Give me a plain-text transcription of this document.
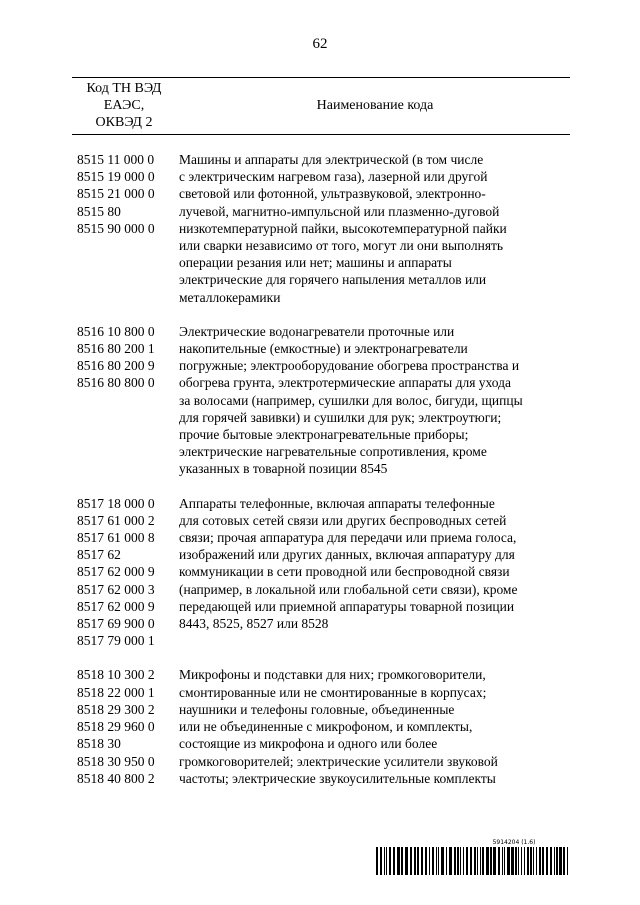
62
Код ТН ВЭД
ЕАЭС,
ОКВЭД 2
Наименование кода
8515 11 000 0
8515 19 000 0
8515 21 000 0
8515 80
8515 90 000 0
Машины и аппараты для электрической (в том числе
с электрическим нагревом газа), лазерной или другой
световой или фотонной, ультразвуковой, электронно-
лучевой, магнитно-импульсной или плазменно-дуговой
низкотемпературной пайки, высокотемпературной пайки
или сварки независимо от того, могут ли они выполнять
операции резания или нет; машины и аппараты
электрические для горячего напыления металлов или
металлокерамики
8516 10 800 0
8516 80 200 1
8516 80 200 9
8516 80 800 0
Электрические водонагреватели проточные или
накопительные (емкостные) и электронагреватели
погружные; электрооборудование обогрева пространства и
обогрева грунта, электротермические аппараты для ухода
за волосами (например, сушилки для волос, бигуди, щипцы
для горячей завивки) и сушилки для рук; электроутюги;
прочие бытовые электронагревательные приборы;
электрические нагревательные сопротивления, кроме
указанных в товарной позиции 8545
8517 18 000 0
8517 61 000 2
8517 61 000 8
8517 62
8517 62 000 9
8517 62 000 3
8517 62 000 9
8517 69 900 0
8517 79 000 1
Аппараты телефонные, включая аппараты телефонные
для сотовых сетей связи или других беспроводных сетей
связи; прочая аппаратура для передачи или приема голоса,
изображений или других данных, включая аппаратуру для
коммуникации в сети проводной или беспроводной связи
(например, в локальной или глобальной сети связи), кроме
передающей или приемной аппаратуры товарной позиции
8443, 8525, 8527 или 8528
8518 10 300 2
8518 22 000 1
8518 29 300 2
8518 29 960 0
8518 30
8518 30 950 0
8518 40 800 2
Микрофоны и подставки для них; громкоговорители,
смонтированные или не смонтированные в корпусах;
наушники и телефоны головные, объединенные
или не объединенные с микрофоном, и комплекты,
состоящие из микрофона и одного или более
громкоговорителей; электрические усилители звуковой
частоты; электрические звукоусилительные комплекты
5914204 (1.6)
